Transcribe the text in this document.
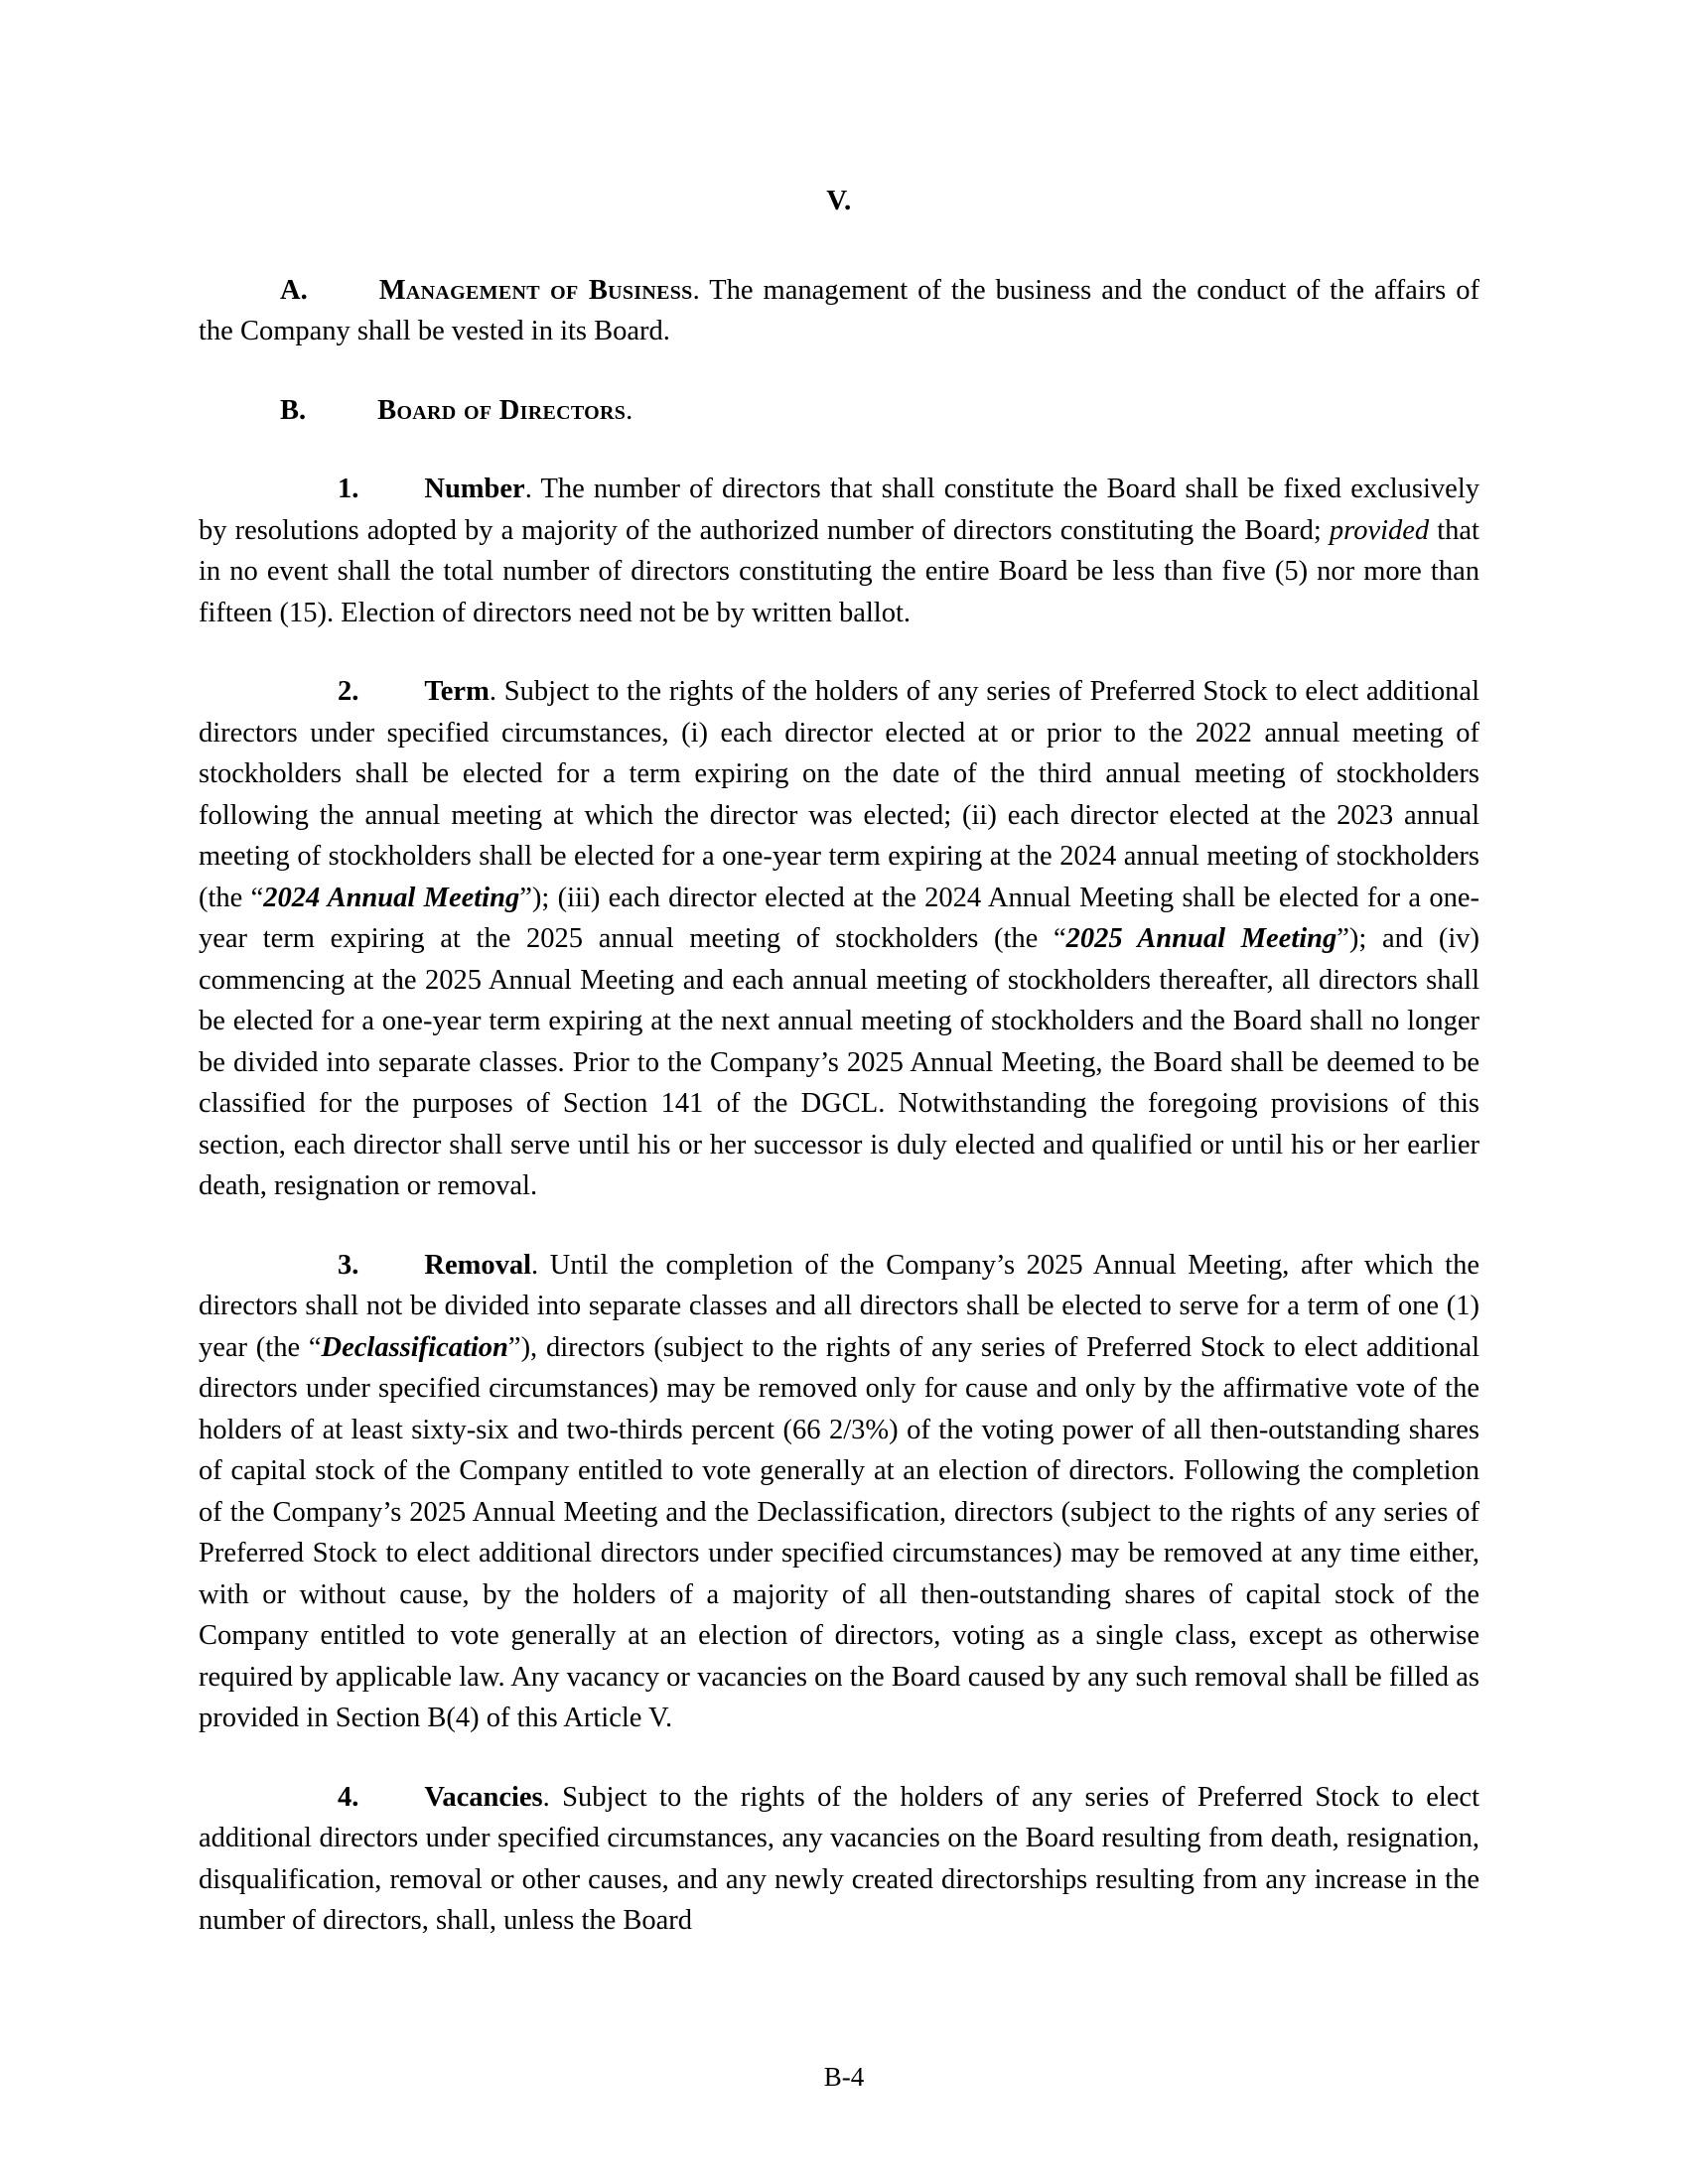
V.

A.	Management of Business. The management of the business and the conduct of the affairs of the Company shall be vested in its Board.

B.	Board of Directors.

1. Number. The number of directors that shall constitute the Board shall be fixed exclusively by resolutions adopted by a majority of the authorized number of directors constituting the Board; provided that in no event shall the total number of directors constituting the entire Board be less than five (5) nor more than fifteen (15). Election of directors need not be by written ballot.

2. Term. Subject to the rights of the holders of any series of Preferred Stock to elect additional directors under specified circumstances, (i) each director elected at or prior to the 2022 annual meeting of stockholders shall be elected for a term expiring on the date of the third annual meeting of stockholders following the annual meeting at which the director was elected; (ii) each director elected at the 2023 annual meeting of stockholders shall be elected for a one-year term expiring at the 2024 annual meeting of stockholders (the “2024 Annual Meeting”); (iii) each director elected at the 2024 Annual Meeting shall be elected for a one-year term expiring at the 2025 annual meeting of stockholders (the “2025 Annual Meeting”); and (iv) commencing at the 2025 Annual Meeting and each annual meeting of stockholders thereafter, all directors shall be elected for a one-year term expiring at the next annual meeting of stockholders and the Board shall no longer be divided into separate classes. Prior to the Company’s 2025 Annual Meeting, the Board shall be deemed to be classified for the purposes of Section 141 of the DGCL. Notwithstanding the foregoing provisions of this section, each director shall serve until his or her successor is duly elected and qualified or until his or her earlier death, resignation or removal.

3. Removal. Until the completion of the Company’s 2025 Annual Meeting, after which the directors shall not be divided into separate classes and all directors shall be elected to serve for a term of one (1) year (the “Declassification”), directors (subject to the rights of any series of Preferred Stock to elect additional directors under specified circumstances) may be removed only for cause and only by the affirmative vote of the holders of at least sixty-six and two-thirds percent (66 2/3%) of the voting power of all then-outstanding shares of capital stock of the Company entitled to vote generally at an election of directors. Following the completion of the Company’s 2025 Annual Meeting and the Declassification, directors (subject to the rights of any series of Preferred Stock to elect additional directors under specified circumstances) may be removed at any time either, with or without cause, by the holders of a majority of all then-outstanding shares of capital stock of the Company entitled to vote generally at an election of directors, voting as a single class, except as otherwise required by applicable law. Any vacancy or vacancies on the Board caused by any such removal shall be filled as provided in Section B(4) of this Article V.

4. Vacancies. Subject to the rights of the holders of any series of Preferred Stock to elect additional directors under specified circumstances, any vacancies on the Board resulting from death, resignation, disqualification, removal or other causes, and any newly created directorships resulting from any increase in the number of directors, shall, unless the Board

B-4
